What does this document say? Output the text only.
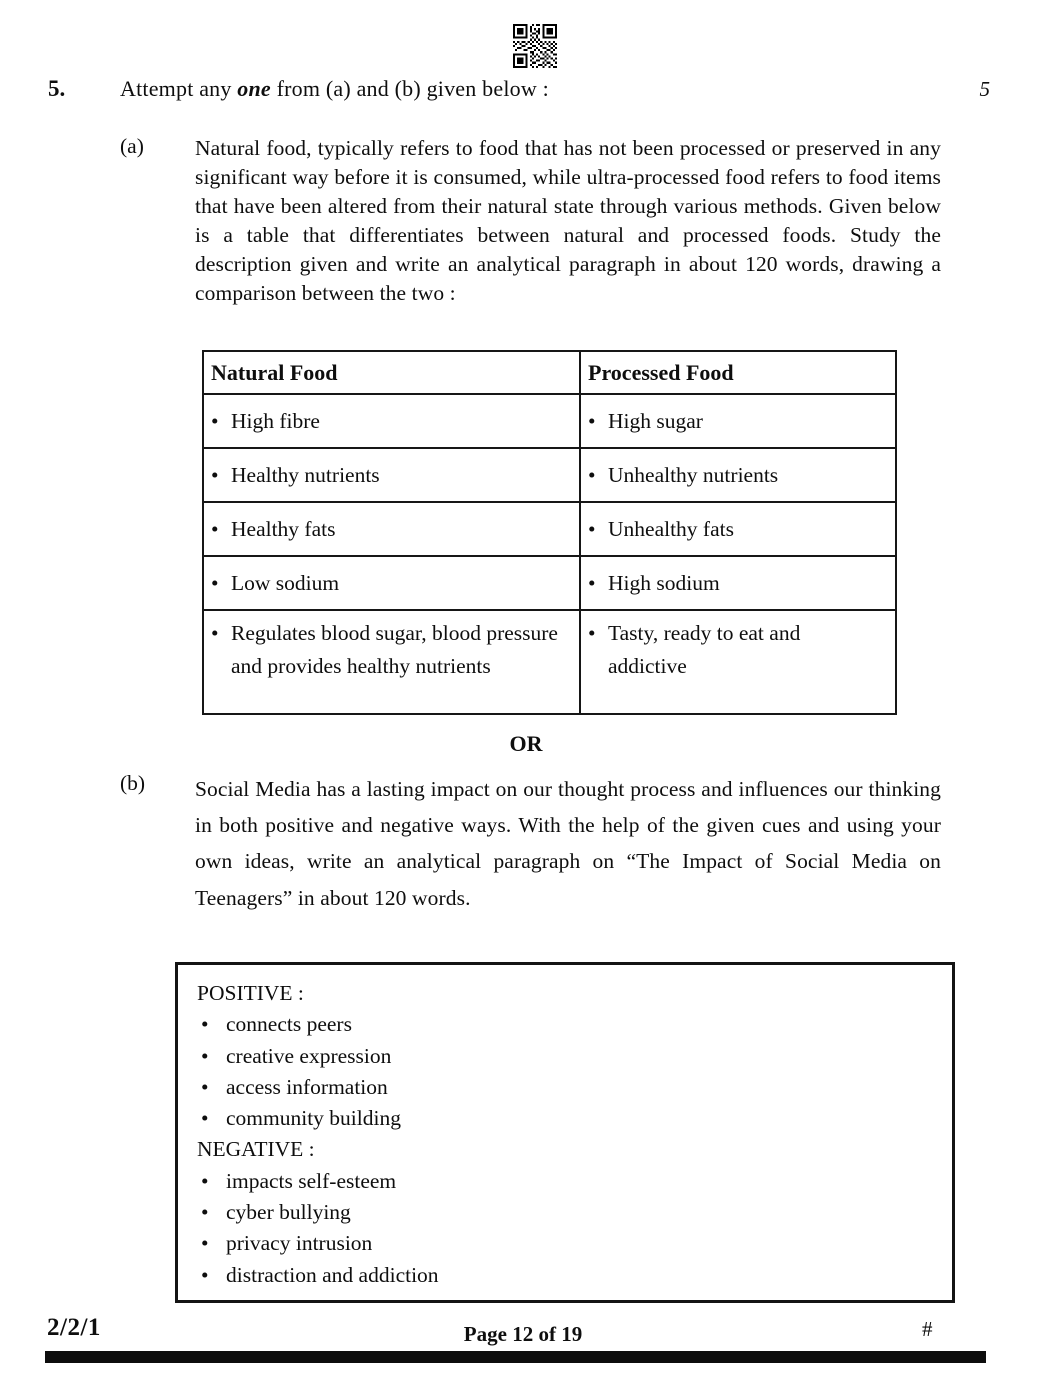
5.	Attempt any one from (a) and (b) given below :	5
(a)	Natural food, typically refers to food that has not been processed or preserved in any significant way before it is consumed, while ultra-processed food refers to food items that have been altered from their natural state through various methods. Given below is a table that differentiates between natural and processed foods. Study the description given and write an analytical paragraph in about 120 words, drawing a comparison between the two :
Natural Food	Processed Food

• High fibre	• High sugar

• Healthy nutrients	• Unhealthy nutrients

• Healthy fats	• Unhealthy fats

• Low sodium	• High sodium

• Regulates blood sugar, blood pressure and provides healthy nutrients	• Tasty, ready to eat and addictive
OR
(b)	Social Media has a lasting impact on our thought process and influences our thinking in both positive and negative ways. With the help of the given cues and using your own ideas, write an analytical paragraph on “The Impact of Social Media on Teenagers” in about 120 words.
POSITIVE :
• connects peers
• creative expression
• access information
• community building
NEGATIVE :
• impacts self-esteem
• cyber bullying
• privacy intrusion
• distraction and addiction
2/2/1	Page 12 of 19	#
